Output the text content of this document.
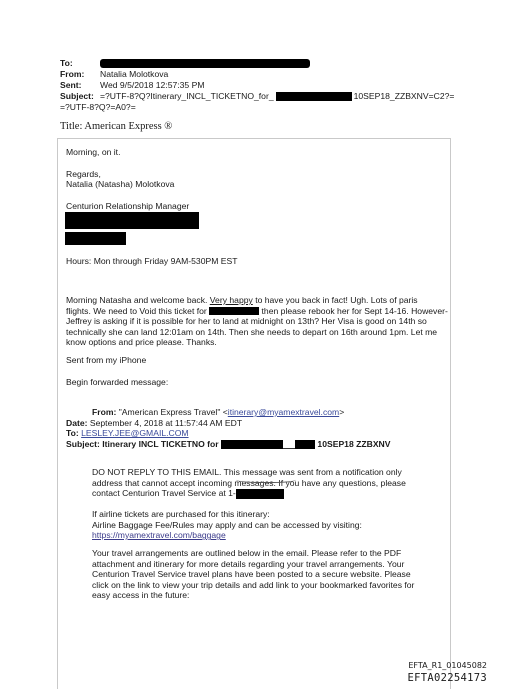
To:
From: Natalia Molotkova
Sent: Wed 9/5/2018 12:57:35 PM
Subject: =?UTF-8?Q?Itinerary_INCL_TICKETNO_for_	10SEP18_ZZBXNV=C2?=
=?UTF-8?Q?=A0?=
Title: American Express ®
Morning, on it.
Regards,
Natalia (Natasha) Molotkova
Centurion Relationship Manager
Hours: Mon through Friday 9AM-530PM EST
Morning Natasha and welcome back. Very happy to have you back in fact! Ugh. Lots of paris
flights. We need to Void this ticket for	then please rebook her for Sept 14-16. However-
Jeffrey is asking if it is possible for her to land at midnight on 13th? Her Visa is good on 14th so
technically she can land 12:01am on 14th. Then she needs to depart on 16th around 1pm. Let me
know options and price please. Thanks.
Sent from my iPhone
Begin forwarded message:
From: "American Express Travel" <itinerary@myamextravel.com>
Date: September 4, 2018 at 11:57:44 AM EDT
To: LESLEY.JEE@GMAIL.COM
Subject: Itinerary INCL TICKETNO for	10SEP18 ZZBXNV
DO NOT REPLY TO THIS EMAIL. This message was sent from a notification only
address that cannot accept incoming messages. If you have any questions, please
contact Centurion Travel Service at 1-
If airline tickets are purchased for this itinerary:
Airline Baggage Fee/Rules may apply and can be accessed by visiting:
https://myamextravel.com/baggage
Your travel arrangements are outlined below in the email. Please refer to the PDF
attachment and itinerary for more details regarding your travel arrangements. Your
Centurion Travel Service travel plans have been posted to a secure website. Please
click on the link to view your trip details and add link to your bookmarked favorites for
easy access in the future:
EFTA_R1_01045082
EFTA02254173
